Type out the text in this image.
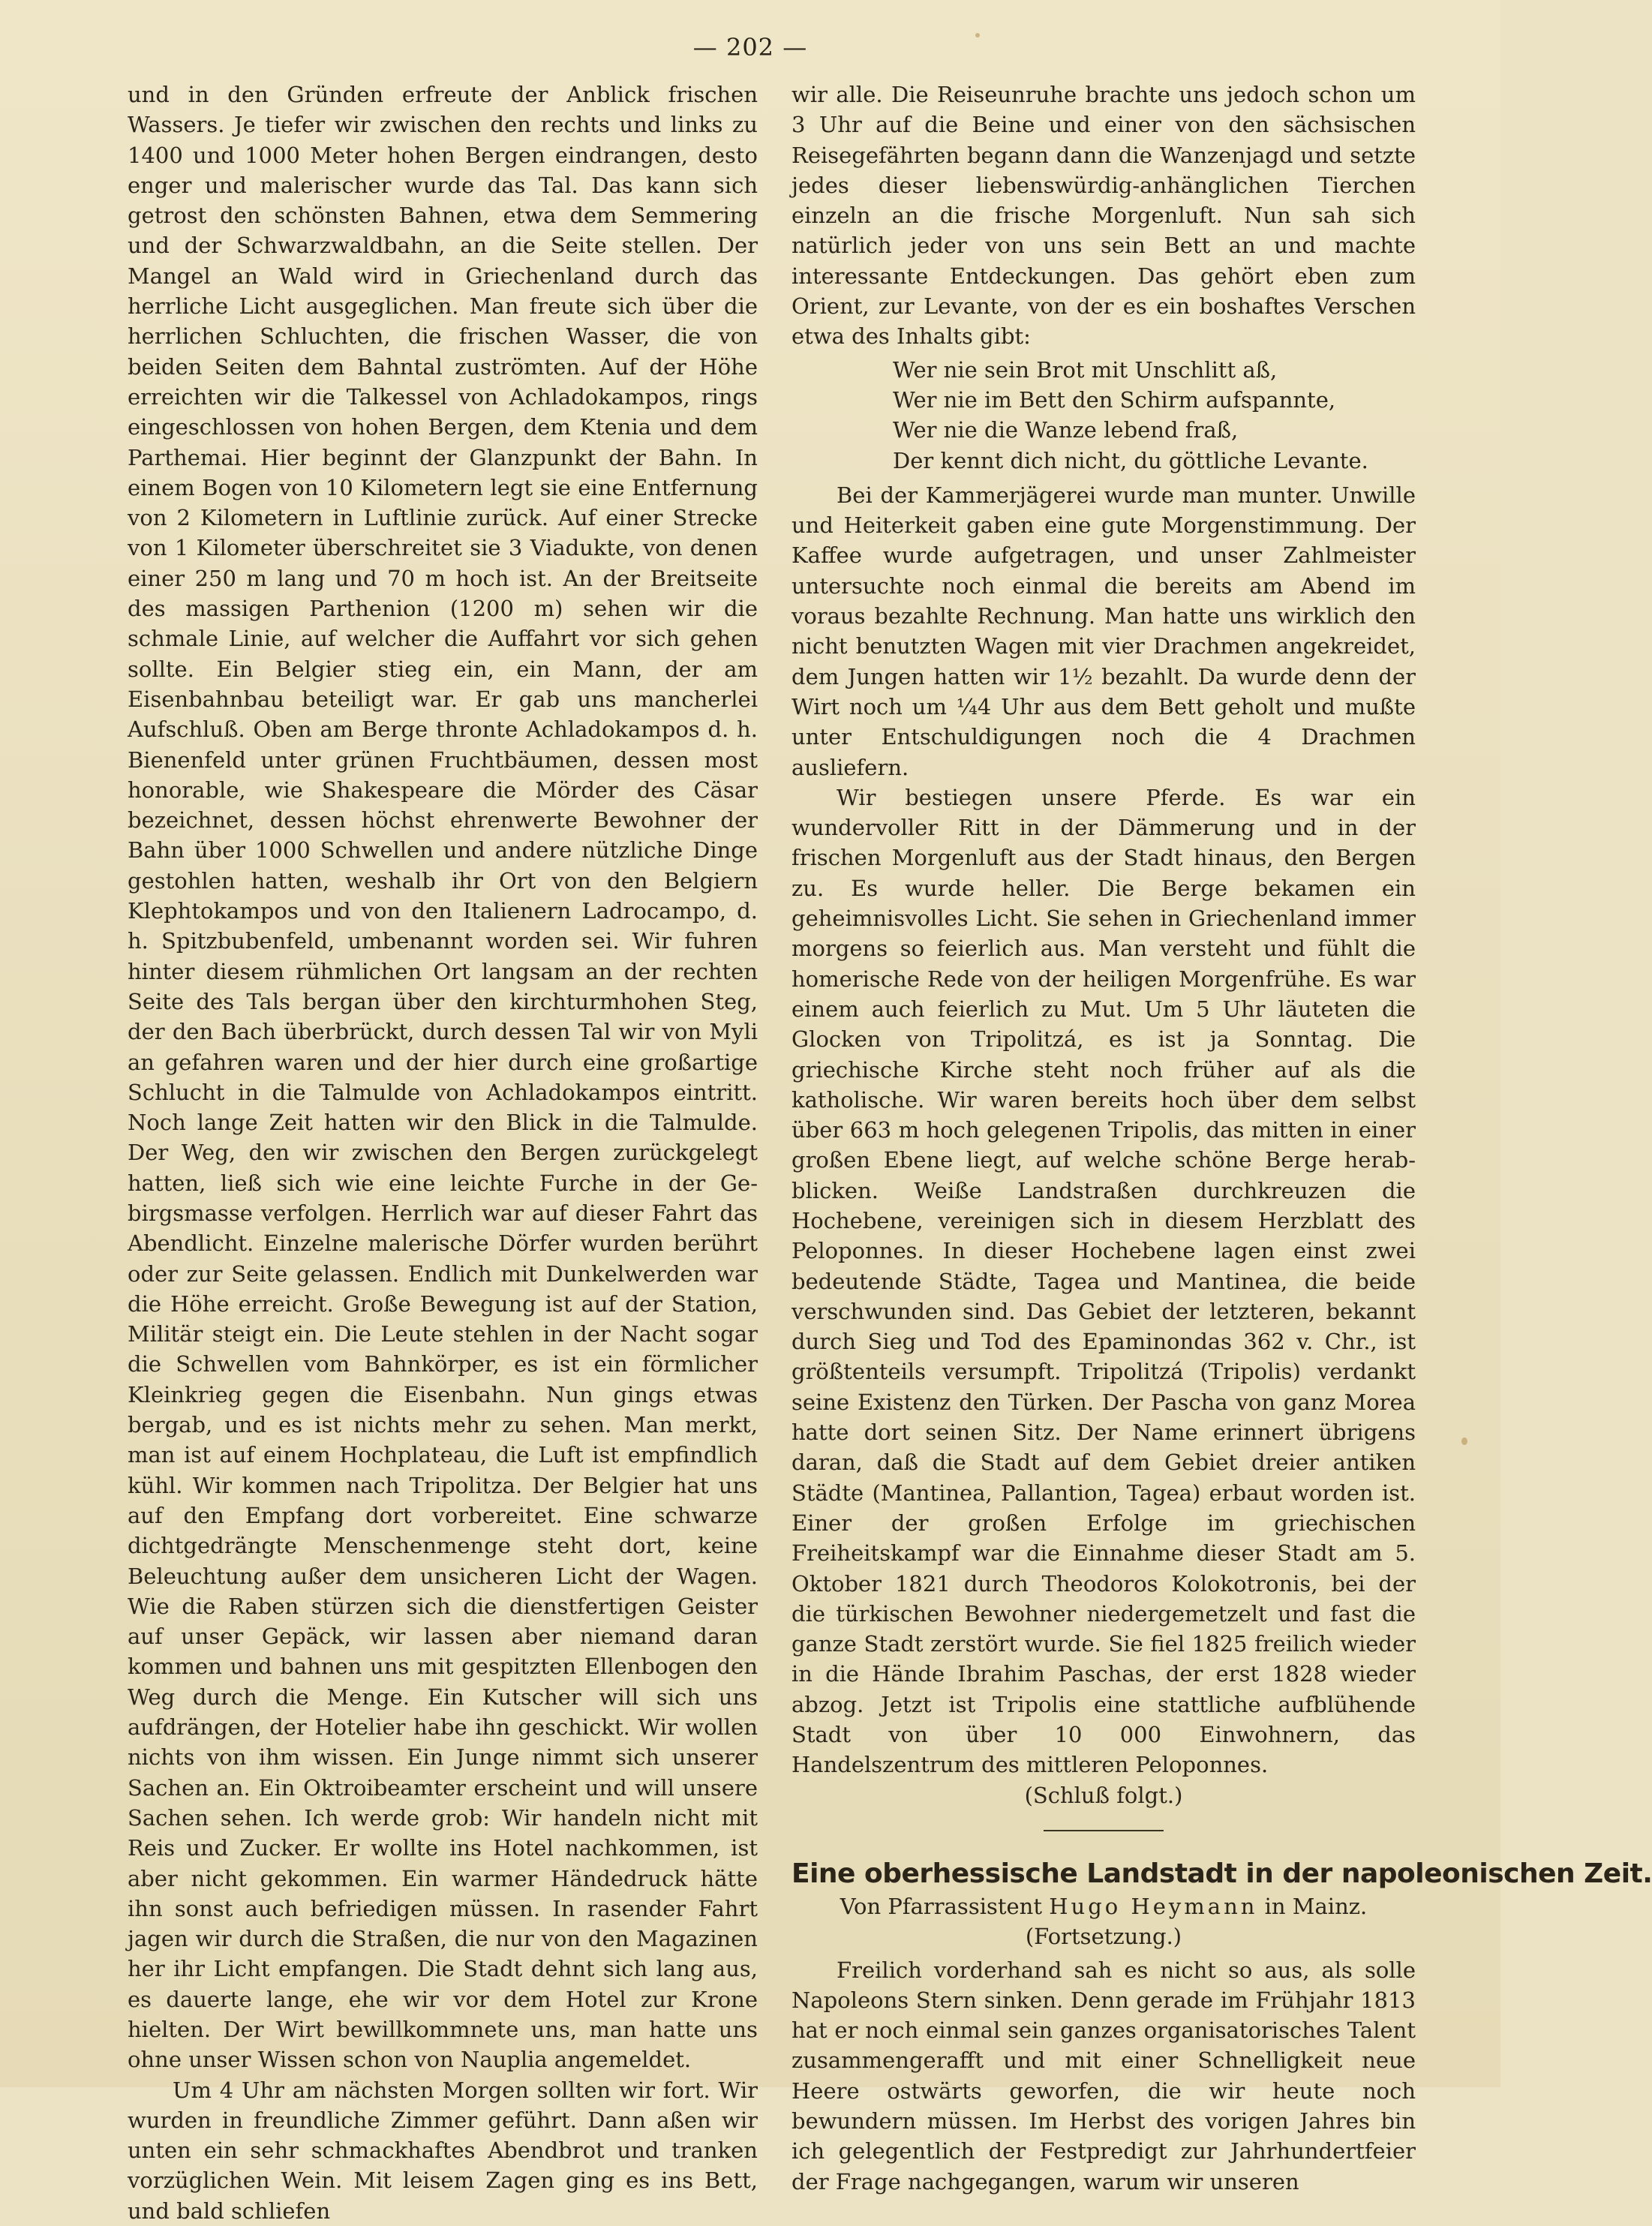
— 202 —

und in den Gründen erfreute der Anblick frischen Wassers. Je tiefer wir zwischen den rechts und links zu 1400 und 1000 Meter hohen Bergen eindrangen, desto enger und malerischer wurde das Tal. Das kann sich getrost den schönsten Bahnen, etwa dem Semmering und der Schwarzwaldbahn, an die Seite stellen. Der Mangel an Wald wird in Griechenland durch das herrliche Licht ausgeglichen. Man freute sich über die herrlichen Schluchten, die frischen Wasser, die von beiden Seiten dem Bahntal zuströmten. Auf der Höhe erreichten wir die Talkessel von Achladokampos, rings eingeschlossen von hohen Bergen, dem Ktenia und dem Parthemai. Hier beginnt der Glanzpunkt der Bahn. In einem Bogen von 10 Kilometern legt sie eine Entfernung von 2 Kilometern in Luftlinie zurück. Auf einer Strecke von 1 Kilometer überschreitet sie 3 Viadukte, von denen einer 250 m lang und 70 m hoch ist. An der Breitseite des massigen Parthenion (1200 m) sehen wir die schmale Linie, auf welcher die Auffahrt vor sich gehen sollte. Ein Belgier stieg ein, ein Mann, der am Eisenbahnbau beteiligt war. Er gab uns mancherlei Aufschluß. Oben am Berge thronte Achladokampos d. h. Bienenfeld unter grünen Fruchtbäumen, dessen most honorable, wie Shakespeare die Mörder des Cäsar bezeichnet, dessen höchst ehrenwerte Bewohner der Bahn über 1000 Schwellen und andere nützliche Dinge gestohlen hatten, weshalb ihr Ort von den Belgiern Klephtokampos und von den Italienern Ladrocampo, d. h. Spitzbubenfeld, umbenannt worden sei. Wir fuhren hinter diesem rühmlichen Ort langsam an der rechten Seite des Tals bergan über den kirchturmhohen Steg, der den Bach überbrückt, durch dessen Tal wir von Myli an gefahren waren und der hier durch eine großartige Schlucht in die Talmulde von Achladokampos eintritt. Noch lange Zeit hatten wir den Blick in die Talmulde. Der Weg, den wir zwischen den Bergen zurückgelegt hatten, ließ sich wie eine leichte Furche in der Gebirgsmasse verfolgen. Herrlich war auf dieser Fahrt das Abendlicht. Einzelne malerische Dörfer wurden berührt oder zur Seite gelassen. Endlich mit Dunkelwerden war die Höhe erreicht. Große Bewegung ist auf der Station, Militär steigt ein. Die Leute stehlen in der Nacht sogar die Schwellen vom Bahnkörper, es ist ein förmlicher Kleinkrieg gegen die Eisenbahn. Nun gings etwas bergab, und es ist nichts mehr zu sehen. Man merkt, man ist auf einem Hochplateau, die Luft ist empfindlich kühl. Wir kommen nach Tripolitza. Der Belgier hat uns auf den Empfang dort vorbereitet. Eine schwarze dichtgedrängte Menschenmenge steht dort, keine Beleuchtung außer dem unsicheren Licht der Wagen. Wie die Raben stürzen sich die dienstfertigen Geister auf unser Gepäck, wir lassen aber niemand daran kommen und bahnen uns mit gespitzten Ellenbogen den Weg durch die Menge. Ein Kutscher will sich uns aufdrängen, der Hotelier habe ihn geschickt. Wir wollen nichts von ihm wissen. Ein Junge nimmt sich unserer Sachen an. Ein Oktroibeamter erscheint und will unsere Sachen sehen. Ich werde grob: Wir handeln nicht mit Reis und Zucker. Er wollte ins Hotel nachkommen, ist aber nicht gekommen. Ein warmer Händedruck hätte ihn sonst auch befriedigen müssen. In rasender Fahrt jagen wir durch die Straßen, die nur von den Magazinen her ihr Licht empfangen. Die Stadt dehnt sich lang aus, es dauerte lange, ehe wir vor dem Hotel zur Krone hielten. Der Wirt bewillkommnete uns, man hatte uns ohne unser Wissen schon von Nauplia angemeldet.

Um 4 Uhr am nächsten Morgen sollten wir fort. Wir wurden in freundliche Zimmer geführt. Dann aßen wir unten ein sehr schmackhaftes Abendbrot und tranken vorzüglichen Wein. Mit leisem Zagen ging es ins Bett, und bald schliefen

wir alle. Die Reiseunruhe brachte uns jedoch schon um 3 Uhr auf die Beine und einer von den sächsischen Reisegefährten begann dann die Wanzenjagd und setzte jedes dieser liebenswürdig-anhänglichen Tierchen einzeln an die frische Morgenluft. Nun sah sich natürlich jeder von uns sein Bett an und machte interessante Entdeckungen. Das gehört eben zum Orient, zur Levante, von der es ein boshaftes Verschen etwa des Inhalts gibt:

Wer nie sein Brot mit Unschlitt aß,
Wer nie im Bett den Schirm aufspannte,
Wer nie die Wanze lebend fraß,
Der kennt dich nicht, du göttliche Levante.

Bei der Kammerjägerei wurde man munter. Unwille und Heiterkeit gaben eine gute Morgenstimmung. Der Kaffee wurde aufgetragen, und unser Zahlmeister untersuchte noch einmal die bereits am Abend im voraus bezahlte Rechnung. Man hatte uns wirklich den nicht benutzten Wagen mit vier Drachmen angekreidet, dem Jungen hatten wir 1½ bezahlt. Da wurde denn der Wirt noch um ¼4 Uhr aus dem Bett geholt und mußte unter Entschuldigungen noch die 4 Drachmen ausliefern.

Wir bestiegen unsere Pferde. Es war ein wundervoller Ritt in der Dämmerung und in der frischen Morgenluft aus der Stadt hinaus, den Bergen zu. Es wurde heller. Die Berge bekamen ein geheimnisvolles Licht. Sie sehen in Griechenland immer morgens so feierlich aus. Man versteht und fühlt die homerische Rede von der heiligen Morgenfrühe. Es war einem auch feierlich zu Mut. Um 5 Uhr läuteten die Glocken von Tripolitzá, es ist ja Sonntag. Die griechische Kirche steht noch früher auf als die katholische. Wir waren bereits hoch über dem selbst über 663 m hoch gelegenen Tripolis, das mitten in einer großen Ebene liegt, auf welche schöne Berge herabblicken. Weiße Landstraßen durchkreuzen die Hochebene, vereinigen sich in diesem Herzblatt des Peloponnes. In dieser Hochebene lagen einst zwei bedeutende Städte, Tagea und Mantinea, die beide verschwunden sind. Das Gebiet der letzteren, bekannt durch Sieg und Tod des Epaminondas 362 v. Chr., ist größtenteils versumpft. Tripolitzá (Tripolis) verdankt seine Existenz den Türken. Der Pascha von ganz Morea hatte dort seinen Sitz. Der Name erinnert übrigens daran, daß die Stadt auf dem Gebiet dreier antiken Städte (Mantinea, Pallantion, Tagea) erbaut worden ist. Einer der großen Erfolge im griechischen Freiheitskampf war die Einnahme dieser Stadt am 5. Oktober 1821 durch Theodoros Kolokotronis, bei der die türkischen Bewohner niedergemetzelt und fast die ganze Stadt zerstört wurde. Sie fiel 1825 freilich wieder in die Hände Ibrahim Paschas, der erst 1828 wieder abzog. Jetzt ist Tripolis eine stattliche aufblühende Stadt von über 10 000 Einwohnern, das Handelszentrum des mittleren Peloponnes.

(Schluß folgt.)

Eine oberhessische Landstadt in der napoleonischen Zeit.
Von Pfarrassistent Hugo Heymann in Mainz.
(Fortsetzung.)

Freilich vorderhand sah es nicht so aus, als solle Napoleons Stern sinken. Denn gerade im Frühjahr 1813 hat er noch einmal sein ganzes organisatorisches Talent zusammengerafft und mit einer Schnelligkeit neue Heere ostwärts geworfen, die wir heute noch bewundern müssen. Im Herbst des vorigen Jahres bin ich gelegentlich der Festpredigt zur Jahrhundertfeier der Frage nachgegangen, warum wir unseren
